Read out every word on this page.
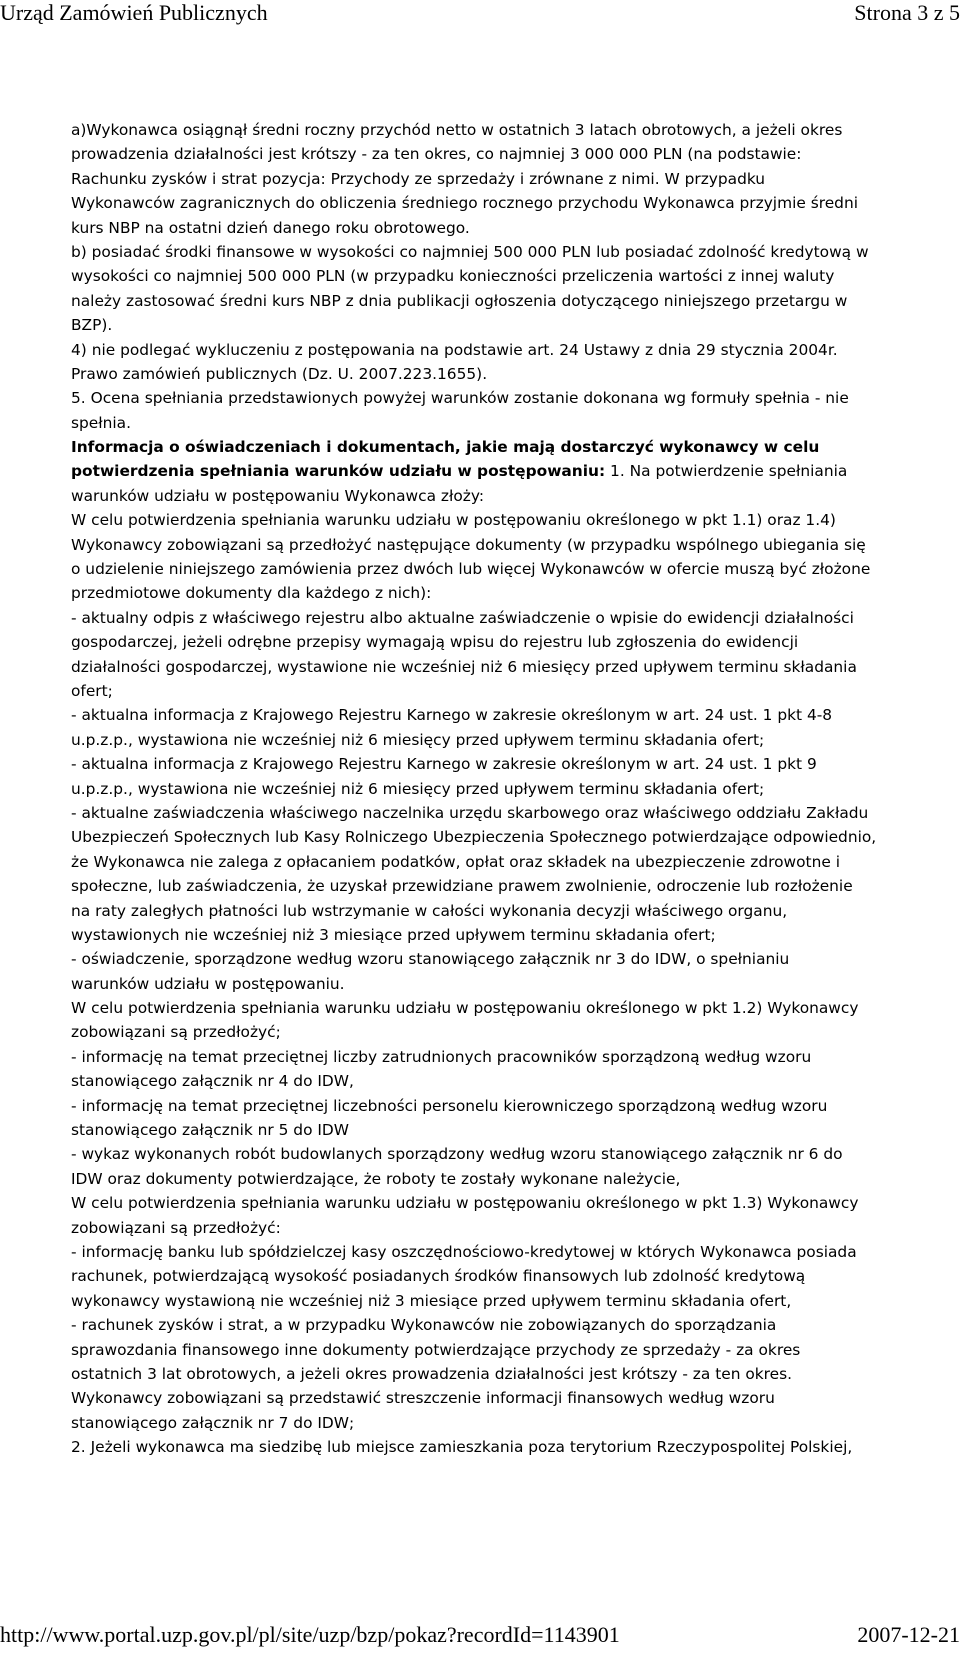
Urząd Zamówień Publicznych	Strona 3 z 5
a)Wykonawca osiągnął średni roczny przychód netto w ostatnich 3 latach obrotowych, a jeżeli okres
prowadzenia działalności jest krótszy - za ten okres, co najmniej 3 000 000 PLN (na podstawie:
Rachunku zysków i strat pozycja: Przychody ze sprzedaży i zrównane z nimi. W przypadku
Wykonawców zagranicznych do obliczenia średniego rocznego przychodu Wykonawca przyjmie średni
kurs NBP na ostatni dzień danego roku obrotowego.
b) posiadać środki finansowe w wysokości co najmniej 500 000 PLN lub posiadać zdolność kredytową w
wysokości co najmniej 500 000 PLN (w przypadku konieczności przeliczenia wartości z innej waluty
należy zastosować średni kurs NBP z dnia publikacji ogłoszenia dotyczącego niniejszego przetargu w
BZP).
4) nie podlegać wykluczeniu z postępowania na podstawie art. 24 Ustawy z dnia 29 stycznia 2004r.
Prawo zamówień publicznych (Dz. U. 2007.223.1655).
5. Ocena spełniania przedstawionych powyżej warunków zostanie dokonana wg formuły spełnia - nie
spełnia.
Informacja o oświadczeniach i dokumentach, jakie mają dostarczyć wykonawcy w celu
potwierdzenia spełniania warunków udziału w postępowaniu: 1. Na potwierdzenie spełniania
warunków udziału w postępowaniu Wykonawca złoży:
W celu potwierdzenia spełniania warunku udziału w postępowaniu określonego w pkt 1.1) oraz 1.4)
Wykonawcy zobowiązani są przedłożyć następujące dokumenty (w przypadku wspólnego ubiegania się
o udzielenie niniejszego zamówienia przez dwóch lub więcej Wykonawców w ofercie muszą być złożone
przedmiotowe dokumenty dla każdego z nich):
- aktualny odpis z właściwego rejestru albo aktualne zaświadczenie o wpisie do ewidencji działalności
gospodarczej, jeżeli odrębne przepisy wymagają wpisu do rejestru lub zgłoszenia do ewidencji
działalności gospodarczej, wystawione nie wcześniej niż 6 miesięcy przed upływem terminu składania
ofert;
- aktualna informacja z Krajowego Rejestru Karnego w zakresie określonym w art. 24 ust. 1 pkt 4-8
u.p.z.p., wystawiona nie wcześniej niż 6 miesięcy przed upływem terminu składania ofert;
- aktualna informacja z Krajowego Rejestru Karnego w zakresie określonym w art. 24 ust. 1 pkt 9
u.p.z.p., wystawiona nie wcześniej niż 6 miesięcy przed upływem terminu składania ofert;
- aktualne zaświadczenia właściwego naczelnika urzędu skarbowego oraz właściwego oddziału Zakładu
Ubezpieczeń Społecznych lub Kasy Rolniczego Ubezpieczenia Społecznego potwierdzające odpowiednio,
że Wykonawca nie zalega z opłacaniem podatków, opłat oraz składek na ubezpieczenie zdrowotne i
społeczne, lub zaświadczenia, że uzyskał przewidziane prawem zwolnienie, odroczenie lub rozłożenie
na raty zaległych płatności lub wstrzymanie w całości wykonania decyzji właściwego organu,
wystawionych nie wcześniej niż 3 miesiące przed upływem terminu składania ofert;
- oświadczenie, sporządzone według wzoru stanowiącego załącznik nr 3 do IDW, o spełnianiu
warunków udziału w postępowaniu.
W celu potwierdzenia spełniania warunku udziału w postępowaniu określonego w pkt 1.2) Wykonawcy
zobowiązani są przedłożyć;
- informację na temat przeciętnej liczby zatrudnionych pracowników sporządzoną według wzoru
stanowiącego załącznik nr 4 do IDW,
- informację na temat przeciętnej liczebności personelu kierowniczego sporządzoną według wzoru
stanowiącego załącznik nr 5 do IDW
- wykaz wykonanych robót budowlanych sporządzony według wzoru stanowiącego załącznik nr 6 do
IDW oraz dokumenty potwierdzające, że roboty te zostały wykonane należycie,
W celu potwierdzenia spełniania warunku udziału w postępowaniu określonego w pkt 1.3) Wykonawcy
zobowiązani są przedłożyć:
- informację banku lub spółdzielczej kasy oszczędnościowo-kredytowej w których Wykonawca posiada
rachunek, potwierdzającą wysokość posiadanych środków finansowych lub zdolność kredytową
wykonawcy wystawioną nie wcześniej niż 3 miesiące przed upływem terminu składania ofert,
- rachunek zysków i strat, a w przypadku Wykonawców nie zobowiązanych do sporządzania
sprawozdania finansowego inne dokumenty potwierdzające przychody ze sprzedaży - za okres
ostatnich 3 lat obrotowych, a jeżeli okres prowadzenia działalności jest krótszy - za ten okres.
Wykonawcy zobowiązani są przedstawić streszczenie informacji finansowych według wzoru
stanowiącego załącznik nr 7 do IDW;
2. Jeżeli wykonawca ma siedzibę lub miejsce zamieszkania poza terytorium Rzeczypospolitej Polskiej,
http://www.portal.uzp.gov.pl/pl/site/uzp/bzp/pokaz?recordId=1143901	2007-12-21
